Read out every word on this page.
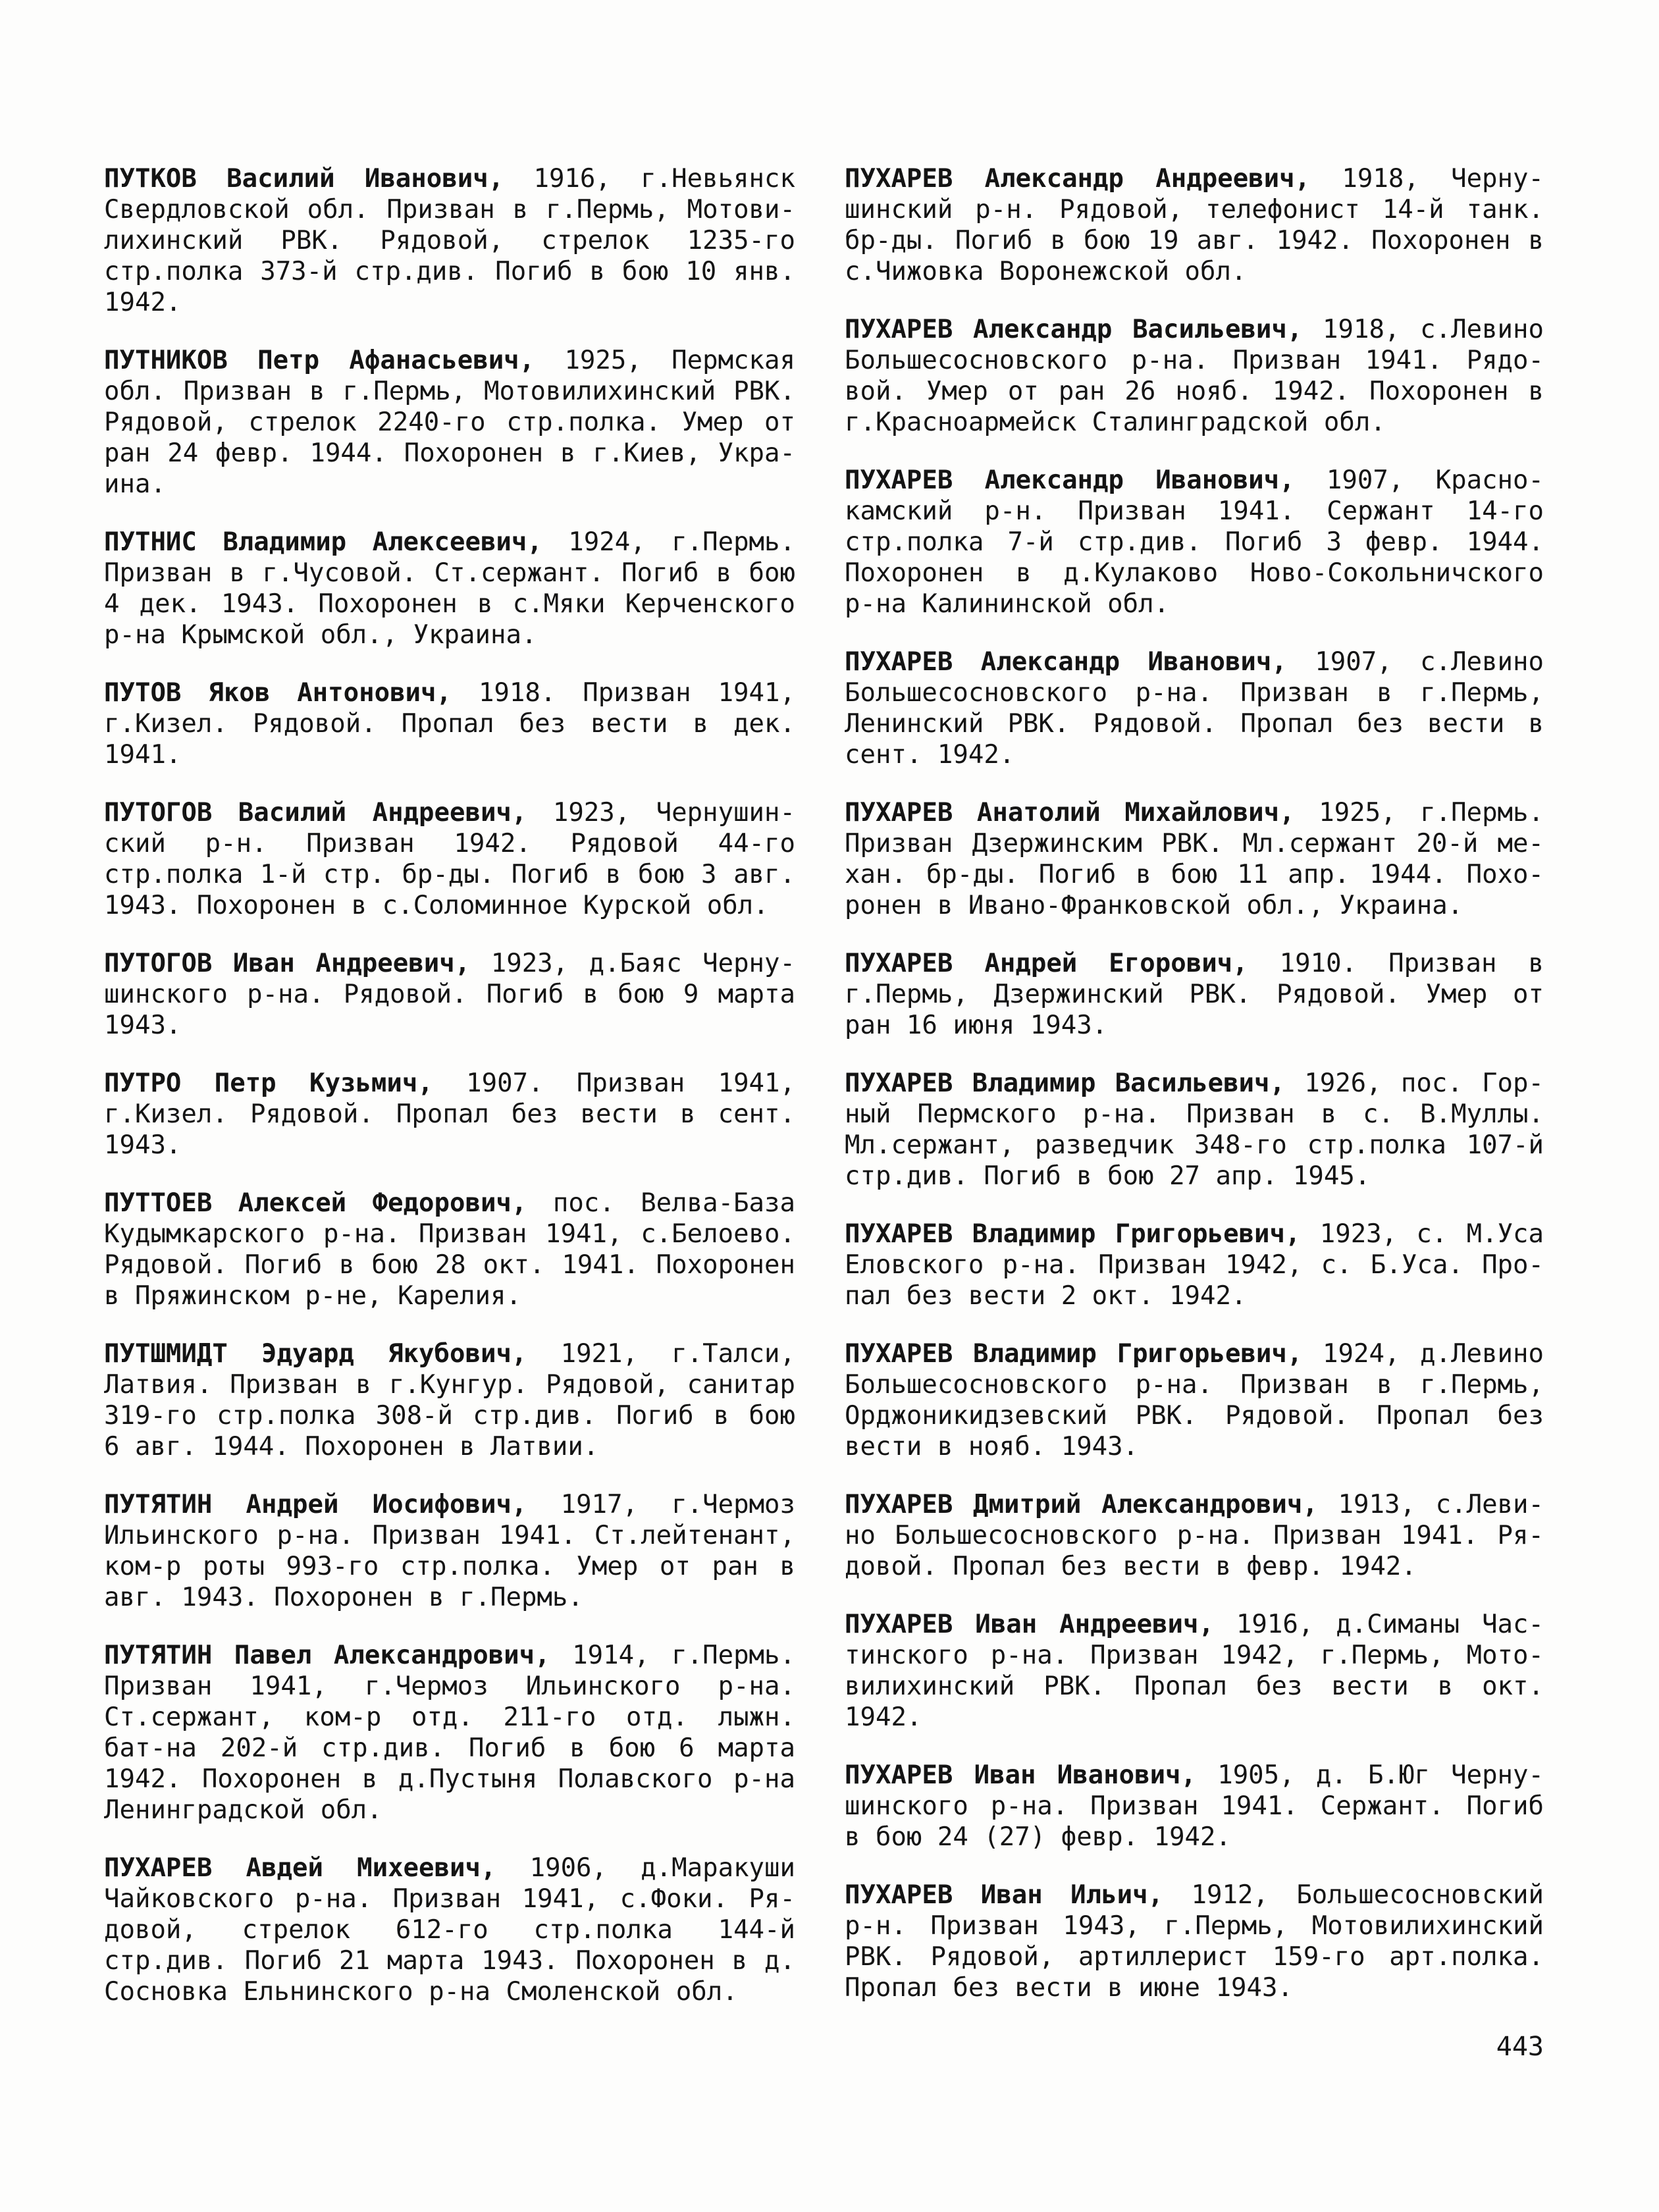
ПУТКОВ Василий Иванович, 1916, г.Невьянск
Свердловской обл. Призван в г.Пермь, Мотови-
лихинский РВК. Рядовой, стрелок 1235-го
стр.полка 373-й стр.див. Погиб в бою 10 янв.
1942.
ПУТНИКОВ Петр Афанасьевич, 1925, Пермская
обл. Призван в г.Пермь, Мотовилихинский РВК.
Рядовой, стрелок 2240-го стр.полка. Умер от
ран 24 февр. 1944. Похоронен в г.Киев, Укра-
ина.
ПУТНИС Владимир Алексеевич, 1924, г.Пермь.
Призван в г.Чусовой. Ст.сержант. Погиб в бою
4 дек. 1943. Похоронен в с.Мяки Керченского
р-на Крымской обл., Украина.
ПУТОВ Яков Антонович, 1918. Призван 1941,
г.Кизел. Рядовой. Пропал без вести в дек.
1941.
ПУТОГОВ Василий Андреевич, 1923, Чернушин-
ский р-н. Призван 1942. Рядовой 44-го
стр.полка 1-й стр. бр-ды. Погиб в бою 3 авг.
1943. Похоронен в с.Соломинное Курской обл.
ПУТОГОВ Иван Андреевич, 1923, д.Баяс Черну-
шинского р-на. Рядовой. Погиб в бою 9 марта
1943.
ПУТРО Петр Кузьмич, 1907. Призван 1941,
г.Кизел. Рядовой. Пропал без вести в сент.
1943.
ПУТТОЕВ Алексей Федорович, пос. Велва-База
Кудымкарского р-на. Призван 1941, с.Белоево.
Рядовой. Погиб в бою 28 окт. 1941. Похоронен
в Пряжинском р-не, Карелия.
ПУТШМИДТ Эдуард Якубович, 1921, г.Талси,
Латвия. Призван в г.Кунгур. Рядовой, санитар
319-го стр.полка 308-й стр.див. Погиб в бою
6 авг. 1944. Похоронен в Латвии.
ПУТЯТИН Андрей Иосифович, 1917, г.Чермоз
Ильинского р-на. Призван 1941. Ст.лейтенант,
ком-р роты 993-го стр.полка. Умер от ран в
авг. 1943. Похоронен в г.Пермь.
ПУТЯТИН Павел Александрович, 1914, г.Пермь.
Призван 1941, г.Чермоз Ильинского р-на.
Ст.сержант, ком-р отд. 211-го отд. лыжн.
бат-на 202-й стр.див. Погиб в бою 6 марта
1942. Похоронен в д.Пустыня Полавского р-на
Ленинградской обл.
ПУХАРЕВ Авдей Михеевич, 1906, д.Маракуши
Чайковского р-на. Призван 1941, с.Фоки. Ря-
довой, стрелок 612-го стр.полка 144-й
стр.див. Погиб 21 марта 1943. Похоронен в д.
Сосновка Ельнинского р-на Смоленской обл.
ПУХАРЕВ Александр Андреевич, 1918, Черну-
шинский р-н. Рядовой, телефонист 14-й танк.
бр-ды. Погиб в бою 19 авг. 1942. Похоронен в
с.Чижовка Воронежской обл.
ПУХАРЕВ Александр Васильевич, 1918, с.Левино
Большесосновского р-на. Призван 1941. Рядо-
вой. Умер от ран 26 нояб. 1942. Похоронен в
г.Красноармейск Сталинградской обл.
ПУХАРЕВ Александр Иванович, 1907, Красно-
камский р-н. Призван 1941. Сержант 14-го
стр.полка 7-й стр.див. Погиб 3 февр. 1944.
Похоронен в д.Кулаково Ново-Сокольничского
р-на Калининской обл.
ПУХАРЕВ Александр Иванович, 1907, с.Левино
Большесосновского р-на. Призван в г.Пермь,
Ленинский РВК. Рядовой. Пропал без вести в
сент. 1942.
ПУХАРЕВ Анатолий Михайлович, 1925, г.Пермь.
Призван Дзержинским РВК. Мл.сержант 20-й ме-
хан. бр-ды. Погиб в бою 11 апр. 1944. Похо-
ронен в Ивано-Франковской обл., Украина.
ПУХАРЕВ Андрей Егорович, 1910. Призван в
г.Пермь, Дзержинский РВК. Рядовой. Умер от
ран 16 июня 1943.
ПУХАРЕВ Владимир Васильевич, 1926, пос. Гор-
ный Пермского р-на. Призван в с. В.Муллы.
Мл.сержант, разведчик 348-го стр.полка 107-й
стр.див. Погиб в бою 27 апр. 1945.
ПУХАРЕВ Владимир Григорьевич, 1923, с. М.Уса
Еловского р-на. Призван 1942, с. Б.Уса. Про-
пал без вести 2 окт. 1942.
ПУХАРЕВ Владимир Григорьевич, 1924, д.Левино
Большесосновского р-на. Призван в г.Пермь,
Орджоникидзевский РВК. Рядовой. Пропал без
вести в нояб. 1943.
ПУХАРЕВ Дмитрий Александрович, 1913, с.Леви-
но Большесосновского р-на. Призван 1941. Ря-
довой. Пропал без вести в февр. 1942.
ПУХАРЕВ Иван Андреевич, 1916, д.Симаны Час-
тинского р-на. Призван 1942, г.Пермь, Мото-
вилихинский РВК. Пропал без вести в окт.
1942.
ПУХАРЕВ Иван Иванович, 1905, д. Б.Юг Черну-
шинского р-на. Призван 1941. Сержант. Погиб
в бою 24 (27) февр. 1942.
ПУХАРЕВ Иван Ильич, 1912, Большесосновский
р-н. Призван 1943, г.Пермь, Мотовилихинский
РВК. Рядовой, артиллерист 159-го арт.полка.
Пропал без вести в июне 1943.
443
